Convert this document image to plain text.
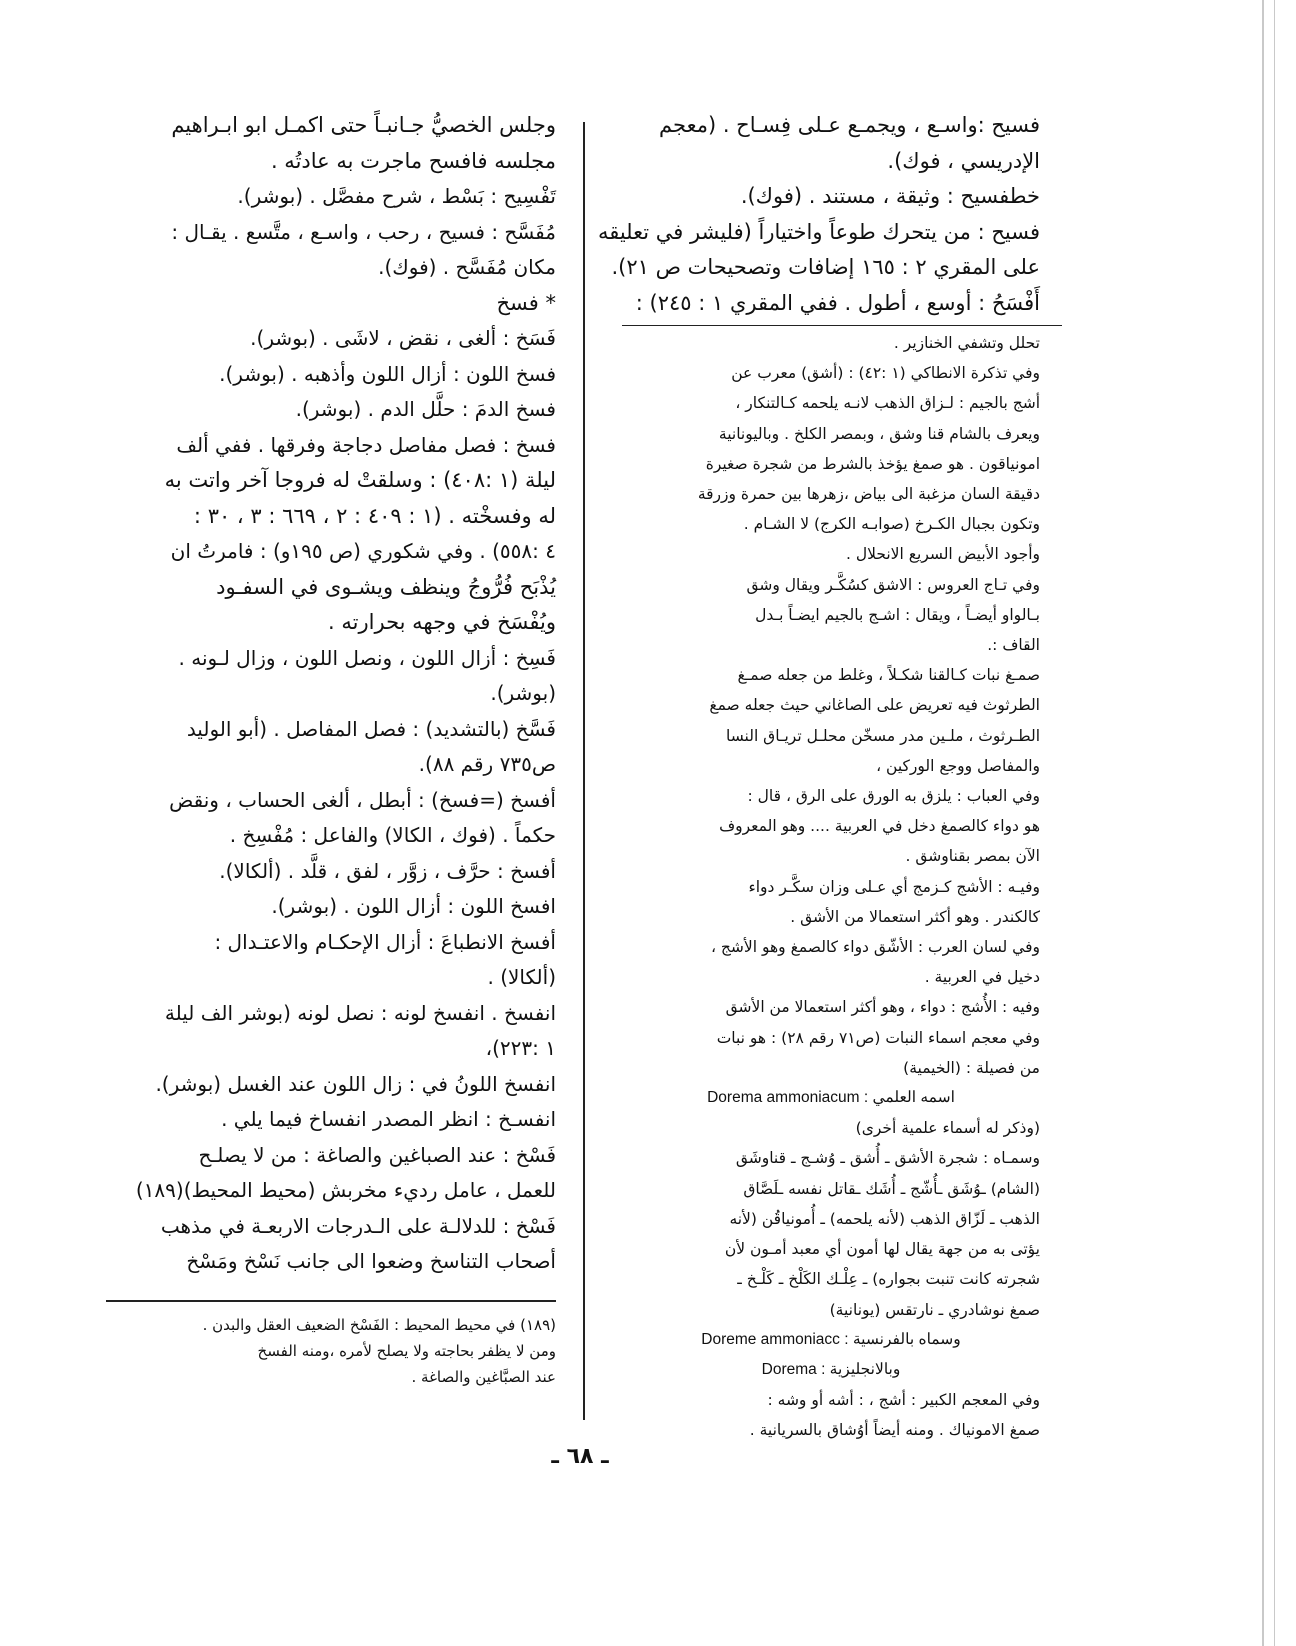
فسيح :واسـع ، ويجمـع عـلى فِسـاح . (معجم

الإدريسي ، فوك).

خطفسيح : وثيقة ، مستند . (فوك).

فسيح : من يتحرك طوعاً واختياراً (فليشر في تعليقه

على المقري ٢ : ١٦٥ إضافات وتصحيحات ص ٢١).

أَفْسَحُ : أوسع ، أطول . ففي المقري ١ : ٢٤٥) :

تحلل وتشفي الخنازير .

وفي تذكرة الانطاكي (١ :٤٢) : (أشق) معرب عن

أشج بالجيم : لـزاق الذهب لانـه يلحمه كـالتنكار ،

ويعرف بالشام قنا وشق ، وبمصر الكلخ . وباليونانية

امونياقون . هو صمغ يؤخذ بالشرط من شجرة صغيرة

دقيقة السان مزغبة الى بياض ،زهرها بين حمرة وزرقة

وتكون بجبال الكـرخ (صوابـه الكرج) لا الشـام .

وأجود الأبيض السريع الانحلال .

وفي تـاج العروس : الاشق كسُكَّـر ويقال وشق

بـالواو أيضـاً ، ويقال : اشـج بالجيم ايضـاً بـدل

القاف :.

صمـغ نبات كـالقنا شكـلاً ، وغلط من جعله صمـغ

الطرثوث فيه تعريض على الصاغاني حيث جعله صمغ

الطـرثوث ، ملـين مدر مسخّن محلـل تريـاق النسا

والمفاصل ووجع الوركين ،

وفي العباب : يلزق به الورق على الرق ، قال :

هو دواء كالصمغ دخل في العربية .... وهو المعروف

الآن بمصر بقناوشق .

وفيـه : الأشج كـزمج أي عـلى وزان سكَّـر دواء

كالكندر . وهو أكثر استعمالا من الأشق .

وفي لسان العرب : الأشّق دواء كالصمغ وهو الأشج ،

دخيل في العربية .

وفيه : الأُشج : دواء ، وهو أكثر استعمالا من الأشق

وفي معجم اسماء النبات (ص٧١ رقم ٢٨) : هو نبات

من فصيلة : (الخيمية)

اسمه العلمي : Dorema ammoniacum

(وذكر له أسماء علمية أخرى)

وسمـاه : شجرة الأشق ـ أُشق ـ وُشـج ـ قناوشَق

(الشام) ـوُشَق ـأُشّج ـ أُشَك ـقاتل نفسه ـلَصَّاق

الذهب ـ لَزّاق الذهب (لأنه يلحمه) ـ أُمونياقُن (لأنه

يؤتى به من جهة يقال لها أمون أي معبد أمـون لأن

شجرته كانت تنبت بجواره) ـ عِلْـك الكَلْخ ـ كَلْـخ ـ

صمغ نوشادري ـ نارتقس (يونانية)

وسماه بالفرنسية : Doreme ammoniacc

وبالانجليزية : Dorema

وفي المعجم الكبير : أشج ، : أشه أو وشه :

صمغ الامونياك . ومنه أيضاً أوُشاق بالسريانية .

وجلس الخصيُّ جـانبـاً حتى اكمـل ابو ابـراهيم

مجلسه فافسح ماجرت به عادتُه .

تَفْسِيح : بَسْط ، شرح مفصَّل . (بوشر).

مُفَسَّح : فسيح ، رحب ، واسـع ، متَّسع . يقـال :

مكان مُفَسَّح . (فوك).

* فسخ

فَسَخ : ألغى ، نقض ، لاشَى . (بوشر).

فسخ اللون : أزال اللون وأذهبه . (بوشر).

فسخ الدمَ : حلَّل الدم . (بوشر).

فسخ : فصل مفاصل دجاجة وفرقها . ففي ألف

ليلة (١ :٤٠٨) : وسلقتْ له فروجا آخر واتت به

له وفسخْته . (١ : ٤٠٩ : ٢ ، ٦٦٩ : ٣ ، ٣٠ :

٤ :٥٥٨) . وفي شكوري (ص ١٩٥و) : فامرتُ ان

يُذْبَح فُرُّوجُ وينظف ويشـوى في السفـود

ويُفْسَخ في وجهه بحرارته .

فَسِخ : أزال اللون ، ونصل اللون ، وزال لـونه .

(بوشر).

فَسَّخ (بالتشديد) : فصل المفاصل . (أبو الوليد

ص٧٣٥ رقم ٨٨).

أفسخ (=فسخ) : أبطل ، ألغى الحساب ، ونقض

حكماً . (فوك ، الكالا) والفاعل : مُفْسِخ .

أفسخ : حرَّف ، زوَّر ، لفق ، قلَّد . (ألكالا).

افسخ اللون : أزال اللون . (بوشر).

أفسخ الانطباعَ : أزال الإحكـام والاعتـدال :

(ألكالا) .

انفسخ . انفسخ لونه : نصل لونه (بوشر الف ليلة

١ :٢٢٣)،

انفسخ اللونُ في : زال اللون عند الغسل (بوشر).

انفسـخ : انظر المصدر انفساخ فيما يلي .

فَسْخ : عند الصباغين والصاغة : من لا يصلـح

للعمل ، عامل رديء مخربش (محيط المحيط)(١٨٩)

فَسْخ : للدلالـة على الـدرجات الاربعـة في مذهب

أصحاب التناسخ وضعوا الى جانب نَسْخ ومَسْخ

(١٨٩) في محيط المحيط : الفَسْخ الضعيف العقل والبدن .

ومن لا يظفر بحاجته ولا يصلح لأمره ،ومنه الفسخ

عند الصبَّاغين والصاغة .

ـ ٦٨ ـ
